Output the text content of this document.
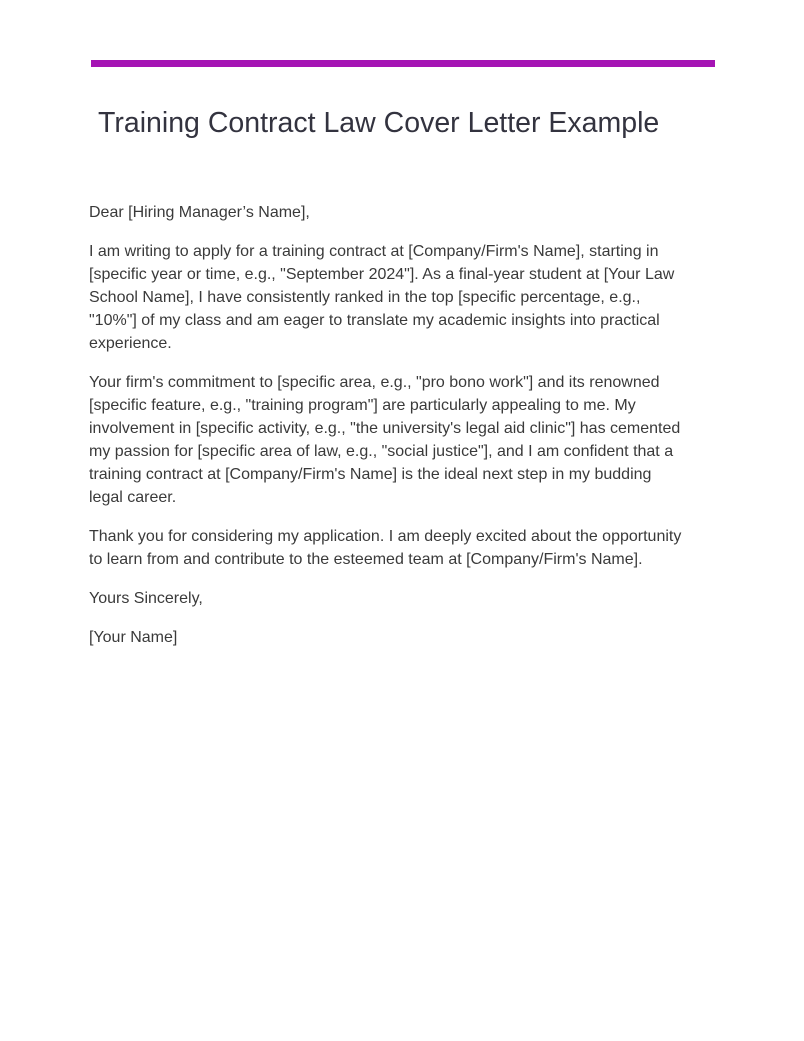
Training Contract Law Cover Letter Example

Dear [Hiring Manager’s Name],

I am writing to apply for a training contract at [Company/Firm's Name], starting in [specific year or time, e.g., "September 2024"]. As a final-year student at [Your Law School Name], I have consistently ranked in the top [specific percentage, e.g., "10%"] of my class and am eager to translate my academic insights into practical experience.

Your firm's commitment to [specific area, e.g., "pro bono work"] and its renowned [specific feature, e.g., "training program"] are particularly appealing to me. My involvement in [specific activity, e.g., "the university's legal aid clinic"] has cemented my passion for [specific area of law, e.g., "social justice"], and I am confident that a training contract at [Company/Firm's Name] is the ideal next step in my budding legal career.

Thank you for considering my application. I am deeply excited about the opportunity to learn from and contribute to the esteemed team at [Company/Firm's Name].

Yours Sincerely,

[Your Name]
